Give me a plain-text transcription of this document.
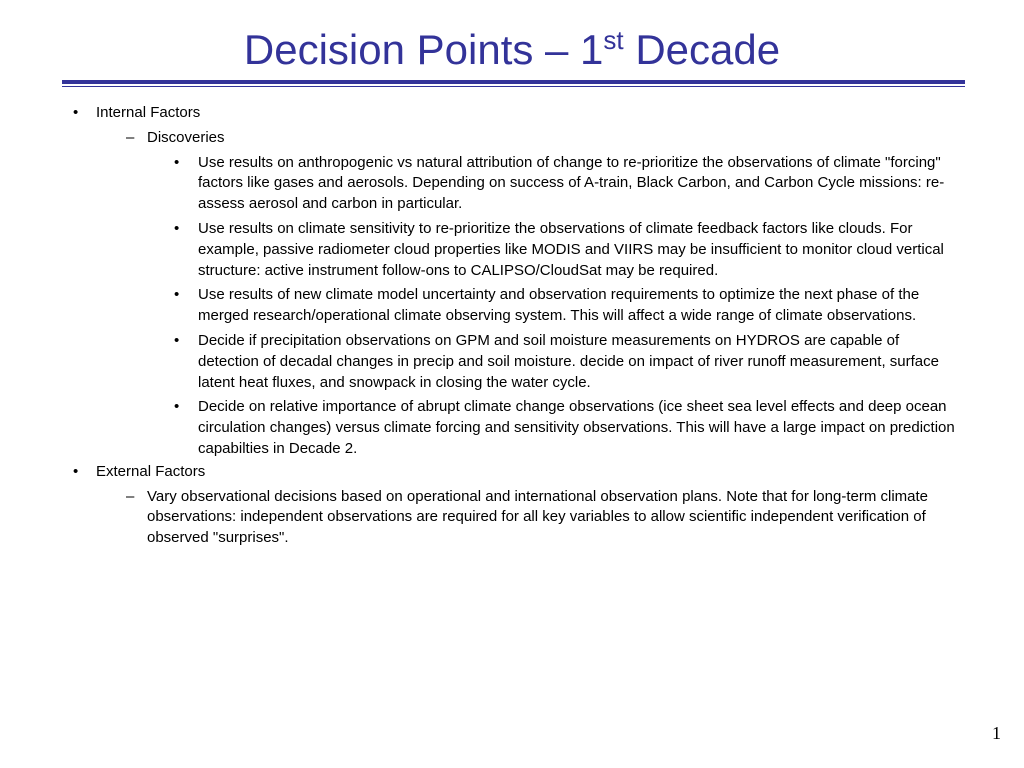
Decision Points – 1st Decade
• Internal Factors
– Discoveries
• Use results on anthropogenic vs natural attribution of change to re-prioritize the observations of climate "forcing" factors like gases and aerosols. Depending on success of A-train, Black Carbon, and Carbon Cycle missions: re-assess aerosol and carbon in particular.
• Use results on climate sensitivity to re-prioritize the observations of climate feedback factors like clouds. For example, passive radiometer cloud properties like MODIS and VIIRS may be insufficient to monitor cloud vertical structure: active instrument follow-ons to CALIPSO/CloudSat may be required.
• Use results of new climate model uncertainty and observation requirements to optimize the next phase of the merged research/operational climate observing system. This will affect a wide range of climate observations.
• Decide if precipitation observations on GPM and soil moisture measurements on HYDROS are capable of detection of decadal changes in precip and soil moisture. decide on impact of river runoff measurement, surface latent heat fluxes, and snowpack in closing the water cycle.
• Decide on relative importance of abrupt climate change observations (ice sheet sea level effects and deep ocean circulation changes) versus climate forcing and sensitivity observations. This will have a large impact on prediction capabilties in Decade 2.
• External Factors
– Vary observational decisions based on operational and international observation plans. Note that for long-term climate observations: independent observations are required for all key variables to allow scientific independent verification of observed "surprises".
1
